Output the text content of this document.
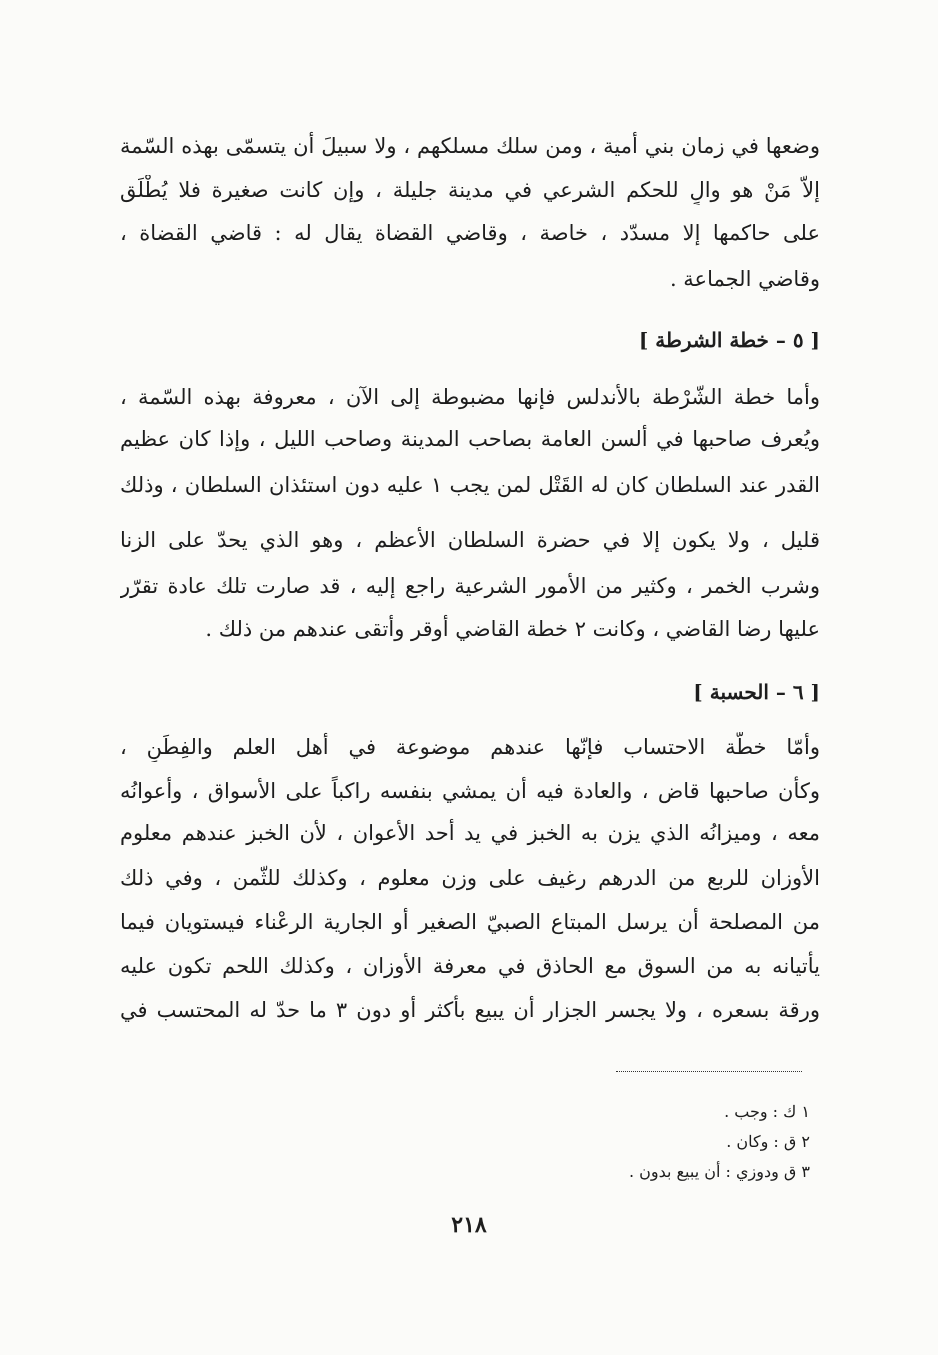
وضعها في زمان بني أمية ، ومن سلك مسلكهم ، ولا سبيلَ أن يتسمّى بهذه السّمة
إلاّ مَنْ هو والٍ للحكم الشرعي في مدينة جليلة ، وإن كانت صغيرة فلا يُطْلَق
على حاكمها إلا مسدّد ، خاصة ، وقاضي القضاة يقال له : قاضي القضاة ،
وقاضي الجماعة .
[ ٥ – خطة الشرطة ]
وأما خطة الشّرْطة بالأندلس فإنها مضبوطة إلى الآن ، معروفة بهذه السّمة ،
ويُعرف صاحبها في ألسن العامة بصاحب المدينة وصاحب الليل ، وإذا كان عظيم
القدر عند السلطان كان له القَتْل لمن يجب ١ عليه دون استئذان السلطان ، وذلك
قليل ، ولا يكون إلا في حضرة السلطان الأعظم ، وهو الذي يحدّ على الزنا
وشرب الخمر ، وكثير من الأمور الشرعية راجع إليه ، قد صارت تلك عادة تقرّر
عليها رضا القاضي ، وكانت ٢ خطة القاضي أوقر وأتقى عندهم من ذلك .
[ ٦ – الحسبة ]
وأمّا خطّة الاحتساب فإنّها عندهم موضوعة في أهل العلم والفِطَنِ ،
وكأن صاحبها قاض ، والعادة فيه أن يمشي بنفسه راكباً على الأسواق ، وأعوانُه
معه ، وميزانُه الذي يزن به الخبز في يد أحد الأعوان ، لأن الخبز عندهم معلوم
الأوزان للربع من الدرهم رغيف على وزن معلوم ، وكذلك للثّمن ، وفي ذلك
من المصلحة أن يرسل المبتاع الصبيّ الصغير أو الجارية الرعْناء فيستويان فيما
يأتيانه به من السوق مع الحاذق في معرفة الأوزان ، وكذلك اللحم تكون عليه
ورقة بسعره ، ولا يجسر الجزار أن يبيع بأكثر أو دون ٣ ما حدّ له المحتسب في
١ ك : وجب .
٢ ق : وكان .
٣ ق ودوزي : أن يبيع بدون .
٢١٨
